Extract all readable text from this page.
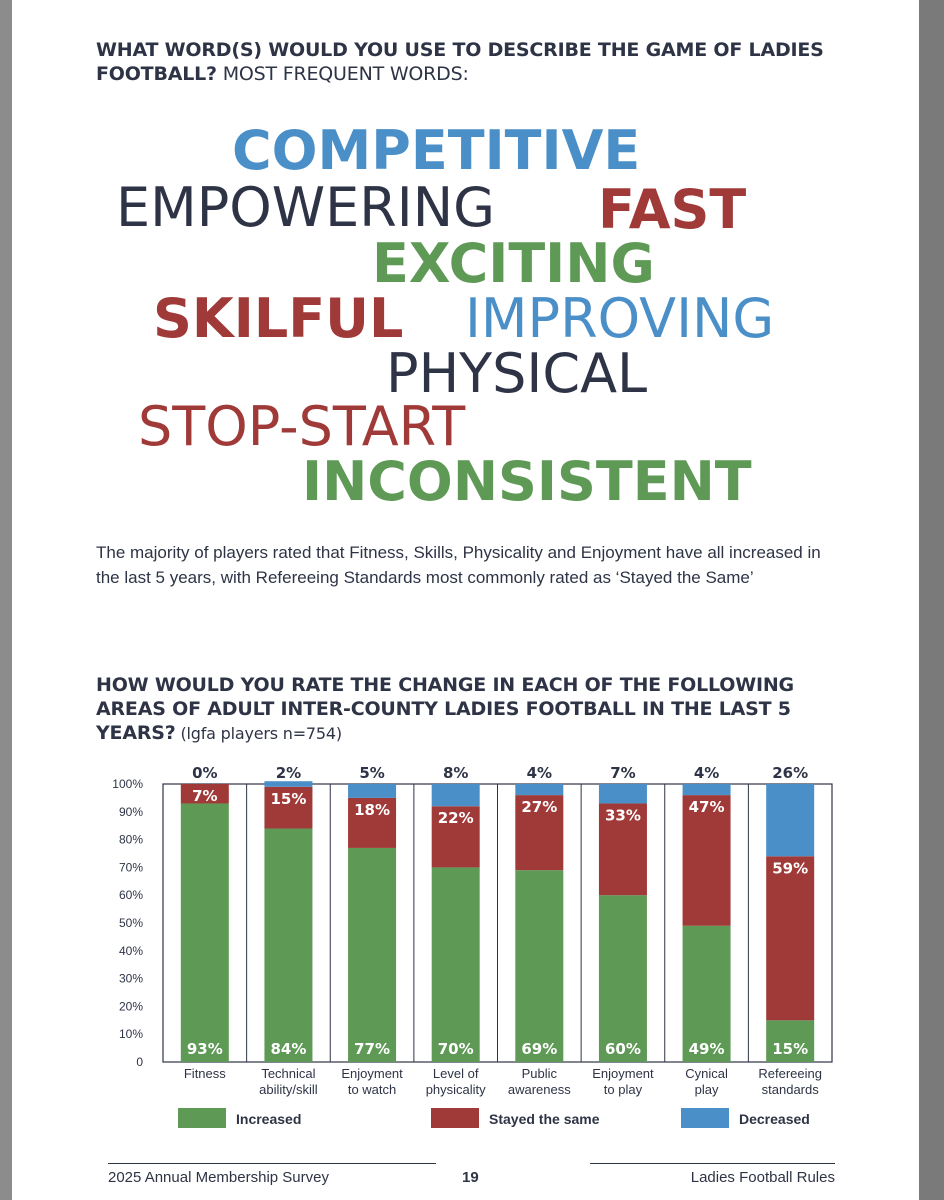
WHAT WORD(S) WOULD YOU USE TO DESCRIBE THE GAME OF LADIES FOOTBALL? MOST FREQUENT WORDS:
COMPETITIVE
EMPOWERING FAST
EXCITING
SKILFUL IMPROVING
PHYSICAL
STOP-START
INCONSISTENT

The majority of players rated that Fitness, Skills, Physicality and Enjoyment have all increased in the last 5 years, with Refereeing Standards most commonly rated as ‘Stayed the Same’

HOW WOULD YOU RATE THE CHANGE IN EACH OF THE FOLLOWING AREAS OF ADULT INTER-COUNTY LADIES FOOTBALL IN THE LAST 5 YEARS? (lgfa players n=754)
0
10%
20%
30%
40%
50%
60%
70%
80%
90%
100%
93%
7%
0%
Fitness
84%
15%
2%
Technical
ability/skill
77%
18%
5%
Enjoyment
to watch
70%
22%
8%
Level of
physicality
69%
27%
4%
Public
awareness
60%
33%
7%
Enjoyment
to play
49%
47%
4%
Cynical
play
15%
59%
26%
Refereeing
standards
Increased	Stayed the same	Decreased
2025 Annual Membership Survey	19	Ladies Football Rules
